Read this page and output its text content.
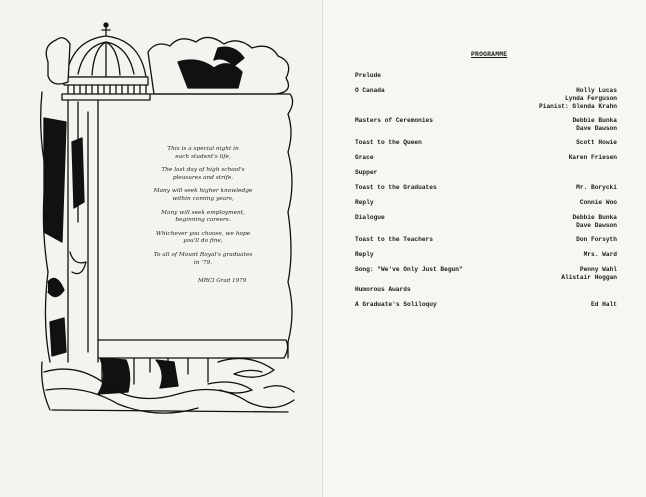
This is a special night in
each student's life,
The last day of high school's
pleasures and strife.
Many will seek higher knowledge
within coming years,
Many will seek employment,
beginning careers.
Whichever you choose, we hope
you'll do fine,
To all of Mount Royal's graduates
in '79.
MRCI Grad 1979
PROGRAMME
Prelude
O Canada	Holly Lucas
Lynda Ferguson
Pianist: Glenda Krahn
Masters of Ceremonies	Debbie Bunka
Dave Dawson
Toast to the Queen	Scott Howie
Grace	Karen Friesen
Supper
Toast to the Graduates	Mr. Borycki
Reply	Connie Woo
Dialogue	Debbie Bunka
Dave Dawson
Toast to the Teachers	Don Forsyth
Reply	Mrs. Ward
Song: "We've Only Just Begun"	Penny Wahl
Alistair Hoggan
Humorous Awards
A Graduate's Soliloquy	Ed Halt
